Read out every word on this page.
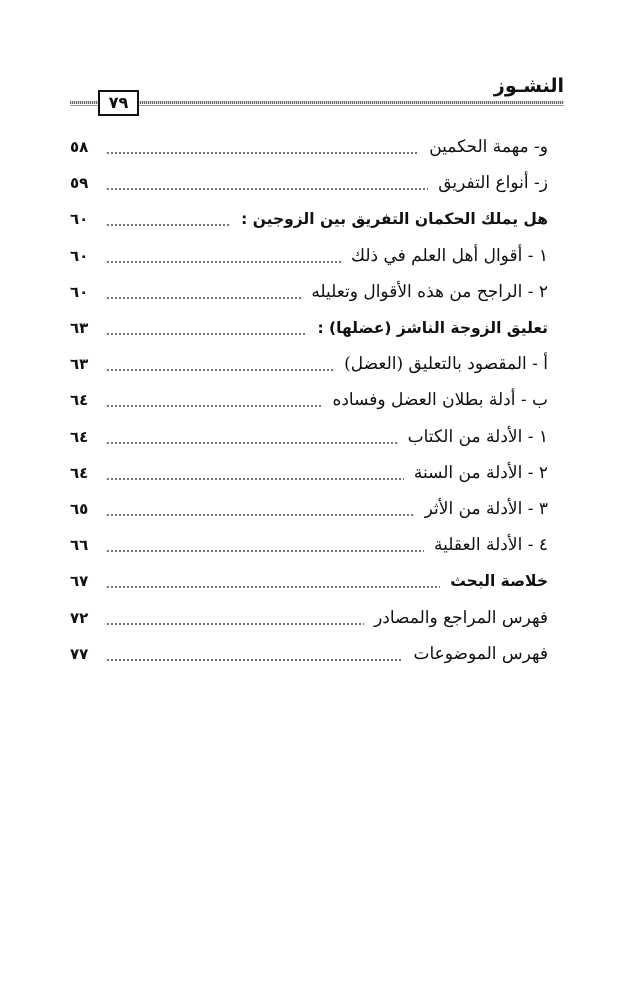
النشـوز
٧٩
و- مهمة الحكمين
٥٨
ز- أنواع التفريق
٥٩
هل يملك الحكمان التفريق بين الزوجين :
٦٠
١ - أقوال أهل العلم في ذلك
٦٠
٢ - الراجح من هذه الأقوال وتعليله
٦٠
تعليق الزوجة الناشز (عضلها) :
٦٣
أ - المقصود بالتعليق (العضل)
٦٣
ب - أدلة بطلان العضل وفساده
٦٤
١ - الأدلة من الكتاب
٦٤
٢ - الأدلة من السنة
٦٤
٣ - الأدلة من الأثر
٦٥
٤ - الأدلة العقلية
٦٦
خلاصة البحث
٦٧
فهرس المراجع والمصادر
٧٢
فهرس الموضوعات
٧٧
